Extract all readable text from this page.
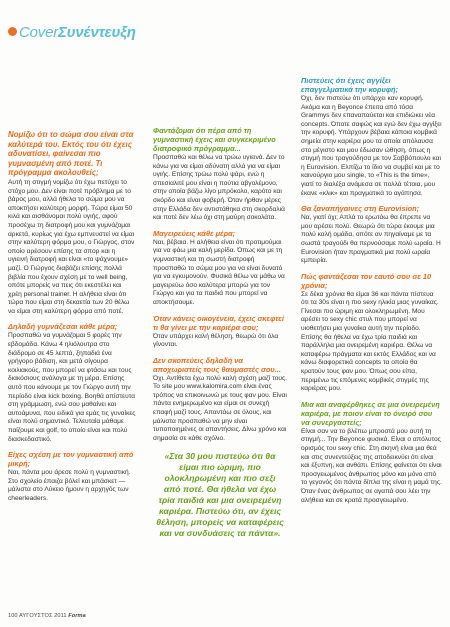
CoverΣυνέντευξη

Νομίζω ότι το σώμα σου είναι στα καλύτερά του. Εκτός του ότι έχεις αδυνατίσει, φαίνεσαι πιο γυμνασμένη από ποτέ. Τι πρόγραμμα ακολουθείς;

Αυτή τη στιγμή νομίζω ότι έχω πετύχει το στόχο μου. Δεν είναι ποτέ πρόβλημα με το βάρος μου, αλλά ήθελα το σώμα μου να αποκτήσει καλύτερη μορφή. Τώρα είμαι 50 κιλά και αισθάνομαι πολύ υγιής, αφού προσέχω τη διατροφή μου και γυμνάζομαι αρκετά, κυρίως για έχω εμπνευστεί να είμαι στην καλύτερη φόρμα μου, ο Γιώργος, στον οποίο αρέσουν επίσης τα σπορ και η υγιεινή διατροφή και είναι «το ψάχνουμε» μαζί. Ο Γιώργος διαβάζει επίσης πολλά βιβλία που έχουν σχέση με το well being, οπότε μπορείς να πεις ότι εκεστέλει και χρέη personal trainer. Η αλήθεια είναι ότι τώρα που είμαι στη δεκαετία των 20 θέλω να είμαι στη καλύτερη φόρμα από ποτέ.

Δηλαδή γυμνάζεσαι κάθε μέρα;

Προσπαθώ να γυμνάζομαι 5 φορές την εβδομάδα. Κάνω 4 ηλιόλουτρα στο διάδρομο σε 45 λεπτά, ξηπαδιά ένα γρήγορο βάδιση, και μετά σίγουρα κοιλιακούς, που μπορεί να φτάσω και τους διακόσιους ανάλογα με τη μέρα. Επίσης αυτό που κάνουμε με τον Γιώργο αυτή την περίοδο είναι kick boxing. Βοηθά απίστευτα στη γράμμωση, ενώ σου μαθαίνει και αυτοάμυνα, που ειδικά για εμάς τις γυναίκες είναι πολύ σημαντικό. Τελευταία μάθαμε παίζουμε και golf, το οποίο είναι και πολύ διασκεδαστικό.

Είχες σχέση με τον γυμναστική από μικρή;

Ναι, πάντα μου άρεσε πολύ η γυμναστική. Στο σχολείο έπαιζα βόλεϊ και μπάσκετ — μάλιστα στο Λύκειο ήμουν η αρχηγός των cheerleaders.

Φαντάζομαι ότι πέρα από τη γυμναστική έχεις και συγκεκριμένο διατροφικό πρόγραμμα...

Προσπαθώ και θέλω να τρώω υγιεινά. Δεν το κάνω για να είμαι αδύνατη αλλά για να είμαι υγιής. Επίσης τρώω πολύ ψάρι, ενώ η σπεσιαλιτέ μου είναι η πούτια αβγολέμονο, στην οποία βάζω λίγο μπρόκολο, καρότο και σκόρδο και είναι φοβερή. Όταν ήρθαν μέρες στην Ελλάδα δεν αντιστάθηκα στη σκορδαλιά και ποτέ δεν λέω όχι στη μαύρη σοκολάτα.

Μαγειρεύεις κάθε μέρα;

Ναι, βέβαια. Η αλήθεια είναι ότι προτιμούμαι για να φάω μια καλή μερίδα. Όπως και με τη γυμναστική και τη σωστή διατροφή προσπαθώ το σώμα μου για να είναι δυνατό για να εγκυμονούν. Φυσικά θέλω να μάθω να μαγειρεύω όσο καλύτερα μπορώ για τον Γιώργο και για τα παιδιά που μπορεί να αποκτήσουμε.

Όταν κάνεις οικογένεια, έχεις σκεφτεί τι θα γίνει με την καριέρα σου;

Όταν υπάρχει καλή θέληση, θεωρώ ότι όλα γίνονται.

Δεν σκοπεύεις δηλαδή να αποχωριστείς τους θαυμαστές σου...

Όχι. Αντίθετα έχω πολύ καλή σχέση μαζί τους. Το site μου www.kalomira.com είναι ένας τρόπος να επικοινωνώ με τους φαν μου. Είναι πάντα ενημερωμένο και είμαι σε συνεχή επαφή μαζί τους. Απαντάω σε όλους, και μάλιστα προσπαθώ να μην είναι τυποποιημένες οι απαντήσεις. Δίνω χρόνο και σημασία σε κάθε σχόλιο.

«Στα 30 μου πιστεύω ότι θα είμαι πιο ώριμη, πιο ολοκληρωμένη και πιο σεξι από ποτέ. Θα ήθελα να έχω τρία παιδιά και μια ονειρεμένη καριέρα. Πιστεύω ότι, αν έχεις θέληση, μπορείς να καταφέρεις και να συνδυάσεις τα πάντα».

Πιστεύεις ότι έχεις αγγίξει επαγγελματικά την κορυφή;

Όχι, δεν πιστεύω ότι υπάρχει καν κορυφή. Ακόμα και η Beyonce έπειτα από τόσα Grammys δεν επαναπαύεται και επιδιώκει νέα concepts. Όποτε σαφώς και εγώ δεν έχω αγγίξει την κορυφή. Υπάρχουν βέβαια κάποια κομβικά σημεία στην καριέρα μου τα οποία απόλαυσα στο μέγιστο και μου έδωσαν ώθηση, όπως η στιγμή που τραγούδησα με τον Σαββόπουλο και η Eurovision. Ελπίζω το ίδιο να συμβεί και με το καινούργιο μου single, το «This is the time», γιατί το διαλέξα ανάμεσα σε πολλά τέτοια, μου έκανε «κλικ» και πραγματικά το αγάπησα.

Θα ξαναπήγαινες στη Eurovision;

Να, γιατί όχι; Απλά το ερωτάω θα έπρεπε να μου αρέσει πολύ. Θεωρώ ότι τώρα έκουμε μια πολύ καλή ομάδα, οπότε αν πηγαίναμε με τα σωστά τραγούδι θα περνούσαμε πολύ ωραία. Η Eurovision ήταν πραγματικά μια πολύ ωραία εμπειρία.

Πώς φαντάζεσαι τον εαυτό σου σε 10 χρόνια;

Σε δέκα χρόνια θα είμαι 36 και πάντα πίστευα ότι τα 30s είναι η πιο sexy ηλικία μιας γυναίκας. Γίνεσαι πιο ώριμη και ολοκληρωμένη. Μου αρέσει το sexy chic στυλ που μπορεί να υιοθετήσει μια γυναίκα αυτή την περίοδο. Επίσης θα ήθελα να έχω τρία παιδιά και παράλληλα μια ονειρεμένη καριέρα. Θέλω να καταφέρω πράγματα και εκτός Ελλάδος και να κάνω διαφορετικά concepts τα οποία θα κρατούν τους φαν μου. Όπως σου είπα, περιμένω τις επόμενες κομβικές στιγμές της καριέρας μου.

Μια και αναφέρθηκες σε μια ονειρεμένη καριέρα, με ποιον είναι το όνειρό σου να συνεργαστείς;

Είναι σαν να το βλέπω μπροστά μου αυτή τη στιγμή... Την Beyonce φυσικά. Είναι ο απόλυτος ορισμός του sexy chic. Στη σκηνή είναι μια θεά και στις συνεντεύξεις της αποδεικνύει ότι είναι και έξυπνη, και ανθάπι. Επίσης φαίνεται ότι είναι προσγειωμένος άνθρωπος μόνο και μόνο από το γεγονός ότι πάντα δίπλα της είναι η μαμά της. Όταν ένας άνθρωπος σε αγαπά σου λέει την αλήθεια και σε κρατά προσγειωμένο.

100 ΑΥΓΟΥΣΤΟΣ 2011 Forma
